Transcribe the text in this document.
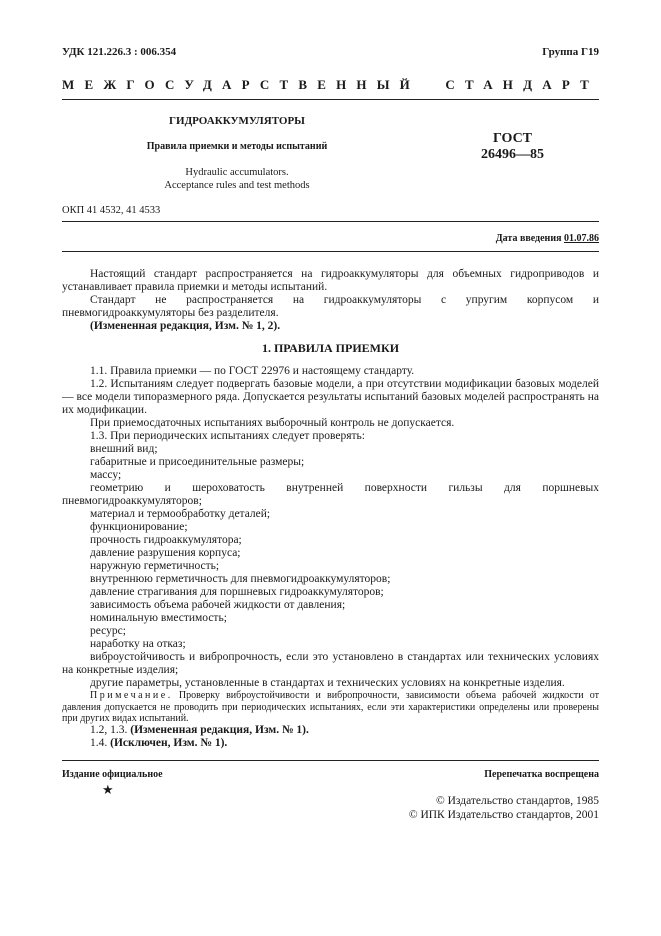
УДК 121.226.3 : 006.354	Группа Г19
МЕЖГОСУДАРСТВЕННЫЙ СТАНДАРТ
ГИДРОАККУМУЛЯТОРЫ
Правила приемки и методы испытаний
Hydraulic accumulators.
Acceptance rules and test methods
ГОСТ
26496—85
ОКП 41 4532, 41 4533
Дата введения 01.07.86
Настоящий стандарт распространяется на гидроаккумуляторы для объемных гидроприводов и устанавливает правила приемки и методы испытаний.
Стандарт не распространяется на гидроаккумуляторы с упругим корпусом и пневмогидроаккумуляторы без разделителя.
(Измененная редакция, Изм. № 1, 2).
1. ПРАВИЛА ПРИЕМКИ
1.1. Правила приемки — по ГОСТ 22976 и настоящему стандарту.
1.2. Испытаниям следует подвергать базовые модели, а при отсутствии модификации базовых моделей — все модели типоразмерного ряда. Допускается результаты испытаний базовых моделей распространять на их модификации.
При приемосдаточных испытаниях выборочный контроль не допускается.
1.3. При периодических испытаниях следует проверять:
внешний вид;
габаритные и присоединительные размеры;
массу;
геометрию и шероховатость внутренней поверхности гильзы для поршневых пневмогидроаккумуляторов;
материал и термообработку деталей;
функционирование;
прочность гидроаккумулятора;
давление разрушения корпуса;
наружную герметичность;
внутреннюю герметичность для пневмогидроаккумуляторов;
давление страгивания для поршневых гидроаккумуляторов;
зависимость объема рабочей жидкости от давления;
номинальную вместимость;
ресурс;
наработку на отказ;
виброустойчивость и вибропрочность, если это установлено в стандартах или технических условиях на конкретные изделия;
другие параметры, установленные в стандартах и технических условиях на конкретные изделия.
Примечание. Проверку виброустойчивости и вибропрочности, зависимости объема рабочей жидкости от давления допускается не проводить при периодических испытаниях, если эти характеристики определены или проверены при других видах испытаний.
1.2, 1.3. (Измененная редакция, Изм. № 1).
1.4. (Исключен, Изм. № 1).
Издание официальное	Перепечатка воспрещена
★
© Издательство стандартов, 1985
© ИПК Издательство стандартов, 2001
